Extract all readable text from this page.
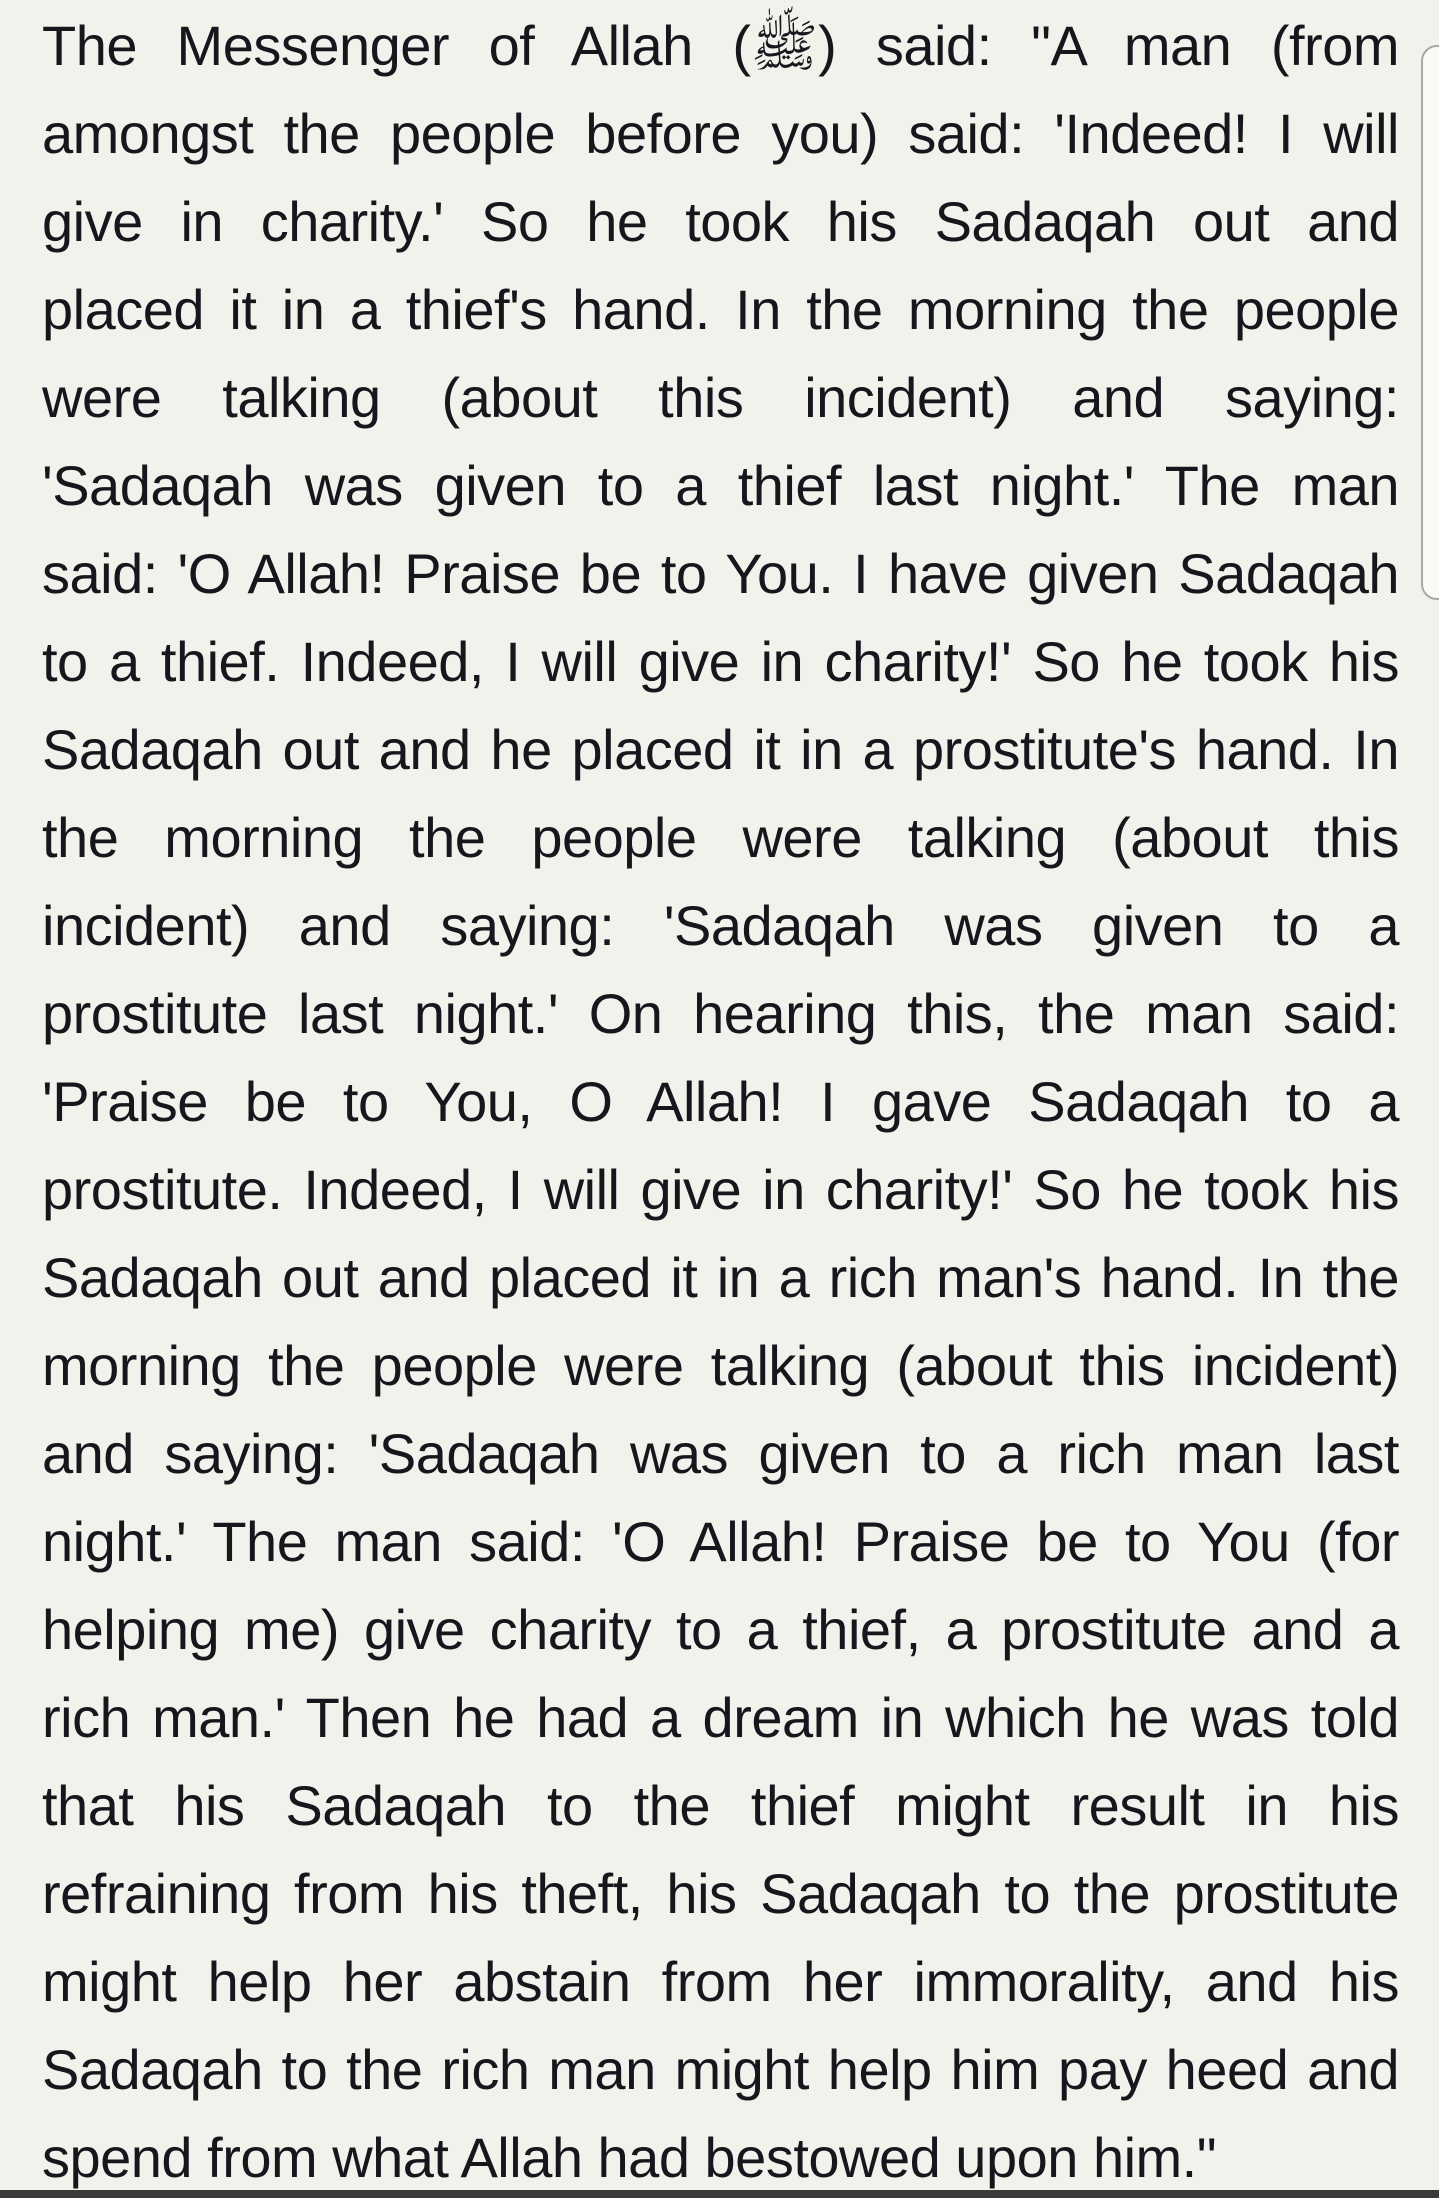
The Messenger of Allah (ﷺ) said: "A man (from
amongst the people before you) said: 'Indeed! I will
give in charity.' So he took his Sadaqah out and
placed it in a thief's hand. In the morning the people
were talking (about this incident) and saying:
'Sadaqah was given to a thief last night.' The man
said: 'O Allah! Praise be to You. I have given Sadaqah
to a thief. Indeed, I will give in charity!' So he took his
Sadaqah out and he placed it in a prostitute's hand. In
the morning the people were talking (about this
incident) and saying: 'Sadaqah was given to a
prostitute last night.' On hearing this, the man said:
'Praise be to You, O Allah! I gave Sadaqah to a
prostitute. Indeed, I will give in charity!' So he took his
Sadaqah out and placed it in a rich man's hand. In the
morning the people were talking (about this incident)
and saying: 'Sadaqah was given to a rich man last
night.' The man said: 'O Allah! Praise be to You (for
helping me) give charity to a thief, a prostitute and a
rich man.' Then he had a dream in which he was told
that his Sadaqah to the thief might result in his
refraining from his theft, his Sadaqah to the prostitute
might help her abstain from her immorality, and his
Sadaqah to the rich man might help him pay heed and
spend from what Allah had bestowed upon him."
